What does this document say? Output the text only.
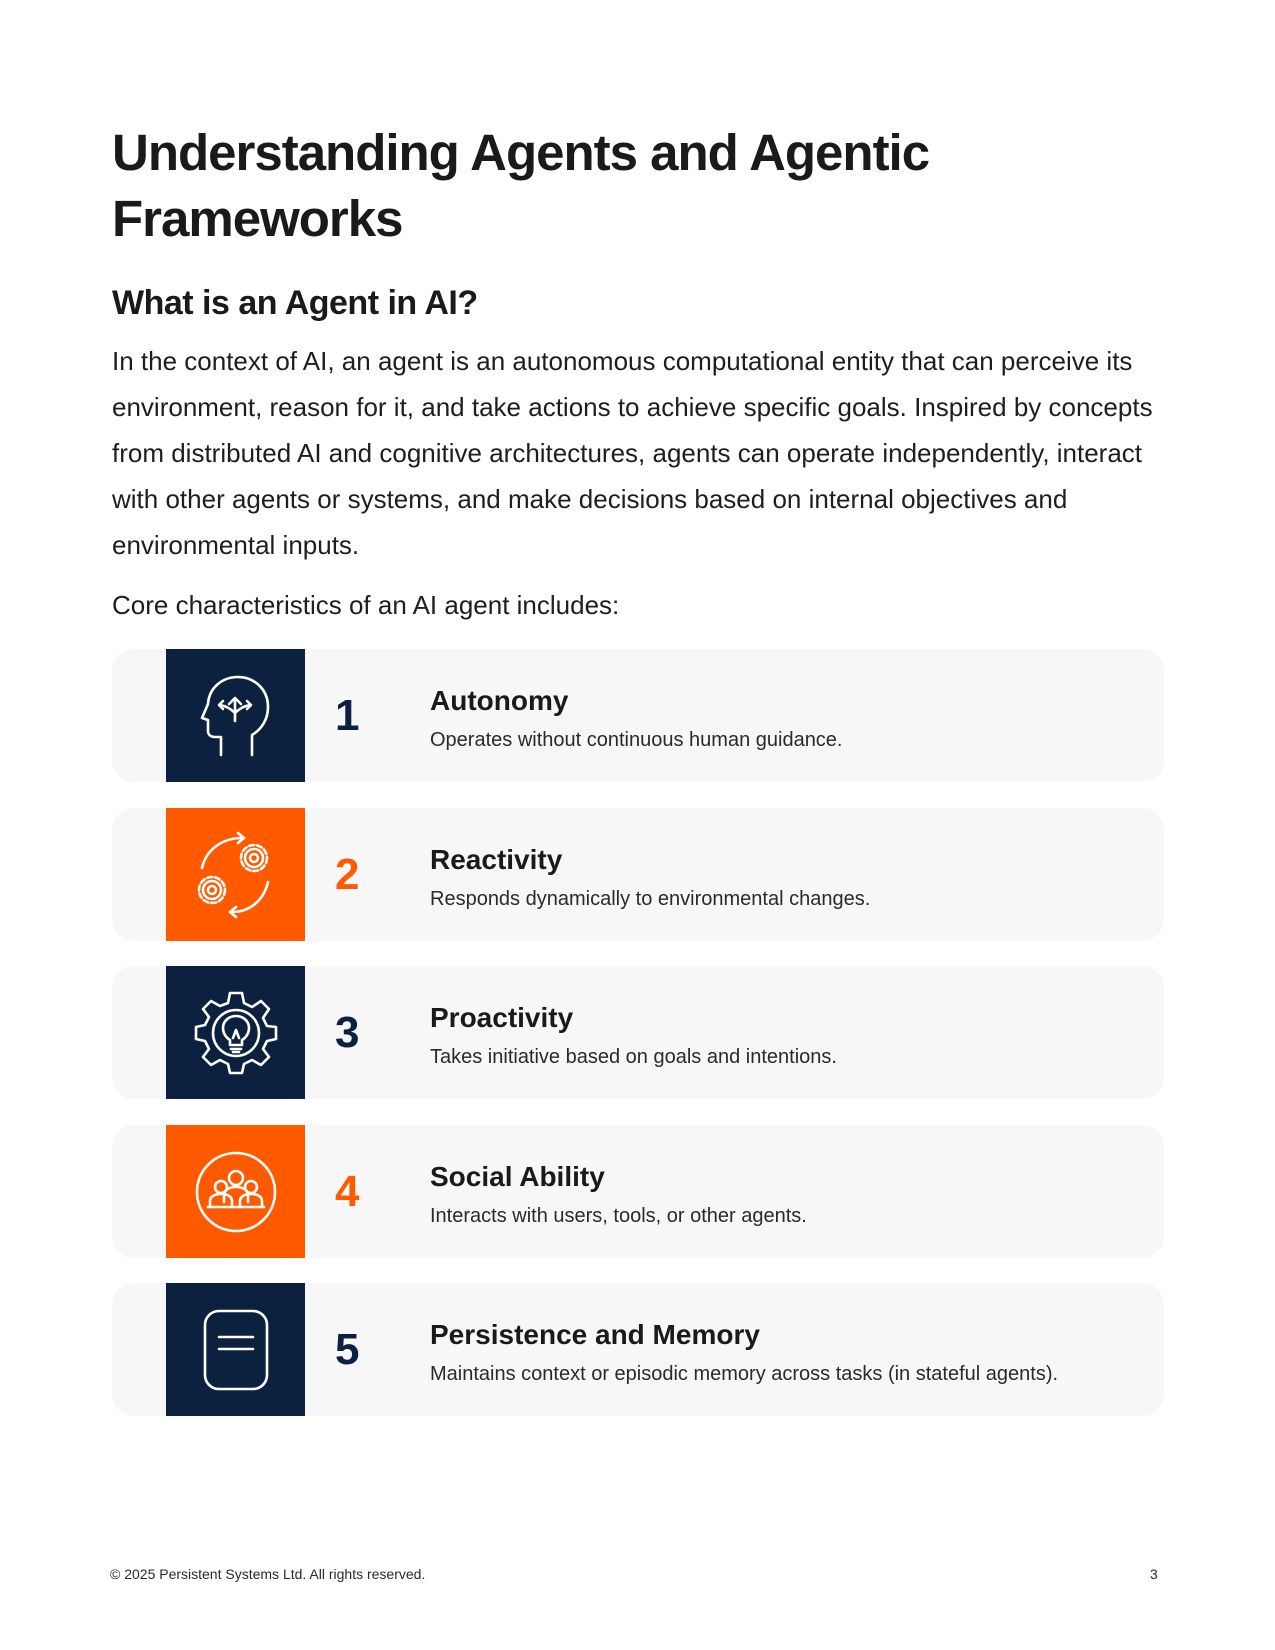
Understanding Agents and Agentic Frameworks
What is an Agent in AI?

In the context of AI, an agent is an autonomous computational entity that can perceive its environment, reason for it, and take actions to achieve specific goals. Inspired by concepts from distributed AI and cognitive architectures, agents can operate independently, interact with other agents or systems, and make decisions based on internal objectives and environmental inputs.

Core characteristics of an AI agent includes:

1	Autonomy
Operates without continuous human guidance.
2	Reactivity
Responds dynamically to environmental changes.
3	Proactivity
Takes initiative based on goals and intentions.
4	Social Ability
Interacts with users, tools, or other agents.
5	Persistence and Memory
Maintains context or episodic memory across tasks (in stateful agents).
© 2025 Persistent Systems Ltd. All rights reserved.	3
